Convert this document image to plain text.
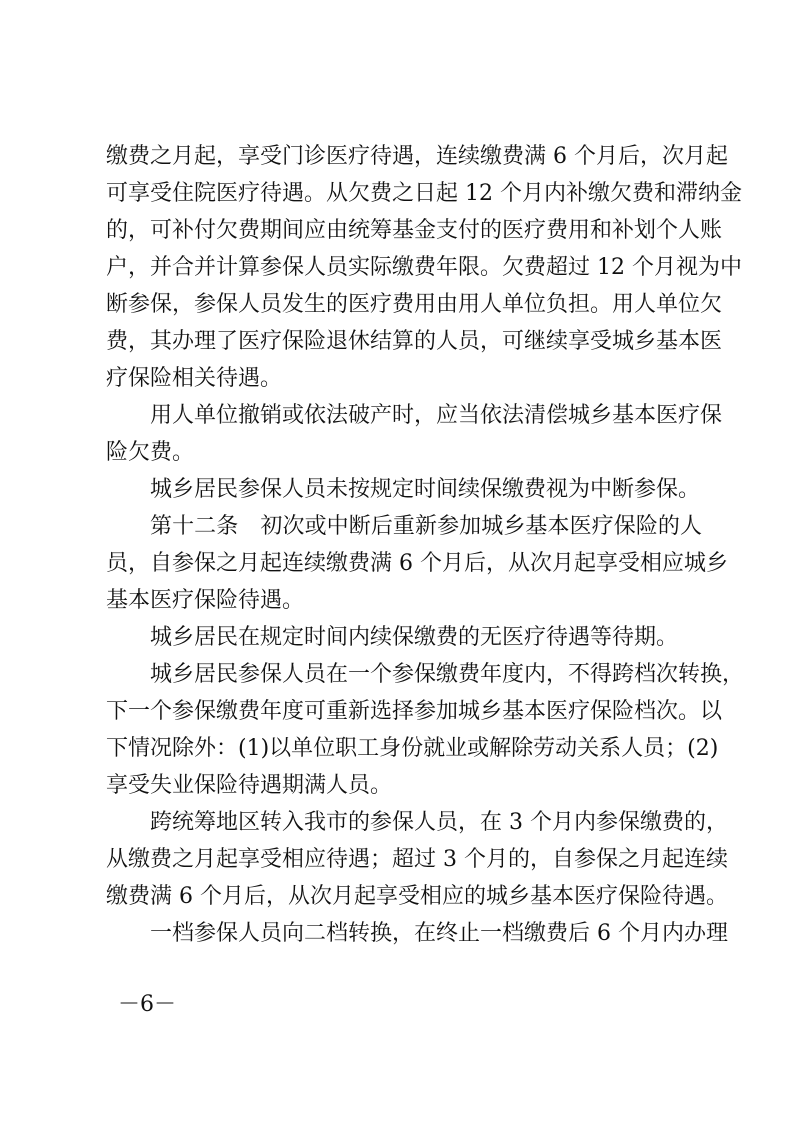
缴费之月起，享受门诊医疗待遇，连续缴费满 6 个月后，次月起
可享受住院医疗待遇。从欠费之日起 12 个月内补缴欠费和滞纳金
的，可补付欠费期间应由统筹基金支付的医疗费用和补划个人账
户，并合并计算参保人员实际缴费年限。欠费超过 12 个月视为中
断参保，参保人员发生的医疗费用由用人单位负担。用人单位欠
费，其办理了医疗保险退休结算的人员，可继续享受城乡基本医
疗保险相关待遇。
用人单位撤销或依法破产时，应当依法清偿城乡基本医疗保
险欠费。
城乡居民参保人员未按规定时间续保缴费视为中断参保。
第十二条　初次或中断后重新参加城乡基本医疗保险的人
员，自参保之月起连续缴费满 6 个月后，从次月起享受相应城乡
基本医疗保险待遇。
城乡居民在规定时间内续保缴费的无医疗待遇等待期。
城乡居民参保人员在一个参保缴费年度内，不得跨档次转换，
下一个参保缴费年度可重新选择参加城乡基本医疗保险档次。以
下情况除外：(1)以单位职工身份就业或解除劳动关系人员；(2)
享受失业保险待遇期满人员。
跨统筹地区转入我市的参保人员，在 3 个月内参保缴费的，
从缴费之月起享受相应待遇；超过 3 个月的，自参保之月起连续
缴费满 6 个月后，从次月起享受相应的城乡基本医疗保险待遇。
一档参保人员向二档转换，在终止一档缴费后 6 个月内办理
－6－
